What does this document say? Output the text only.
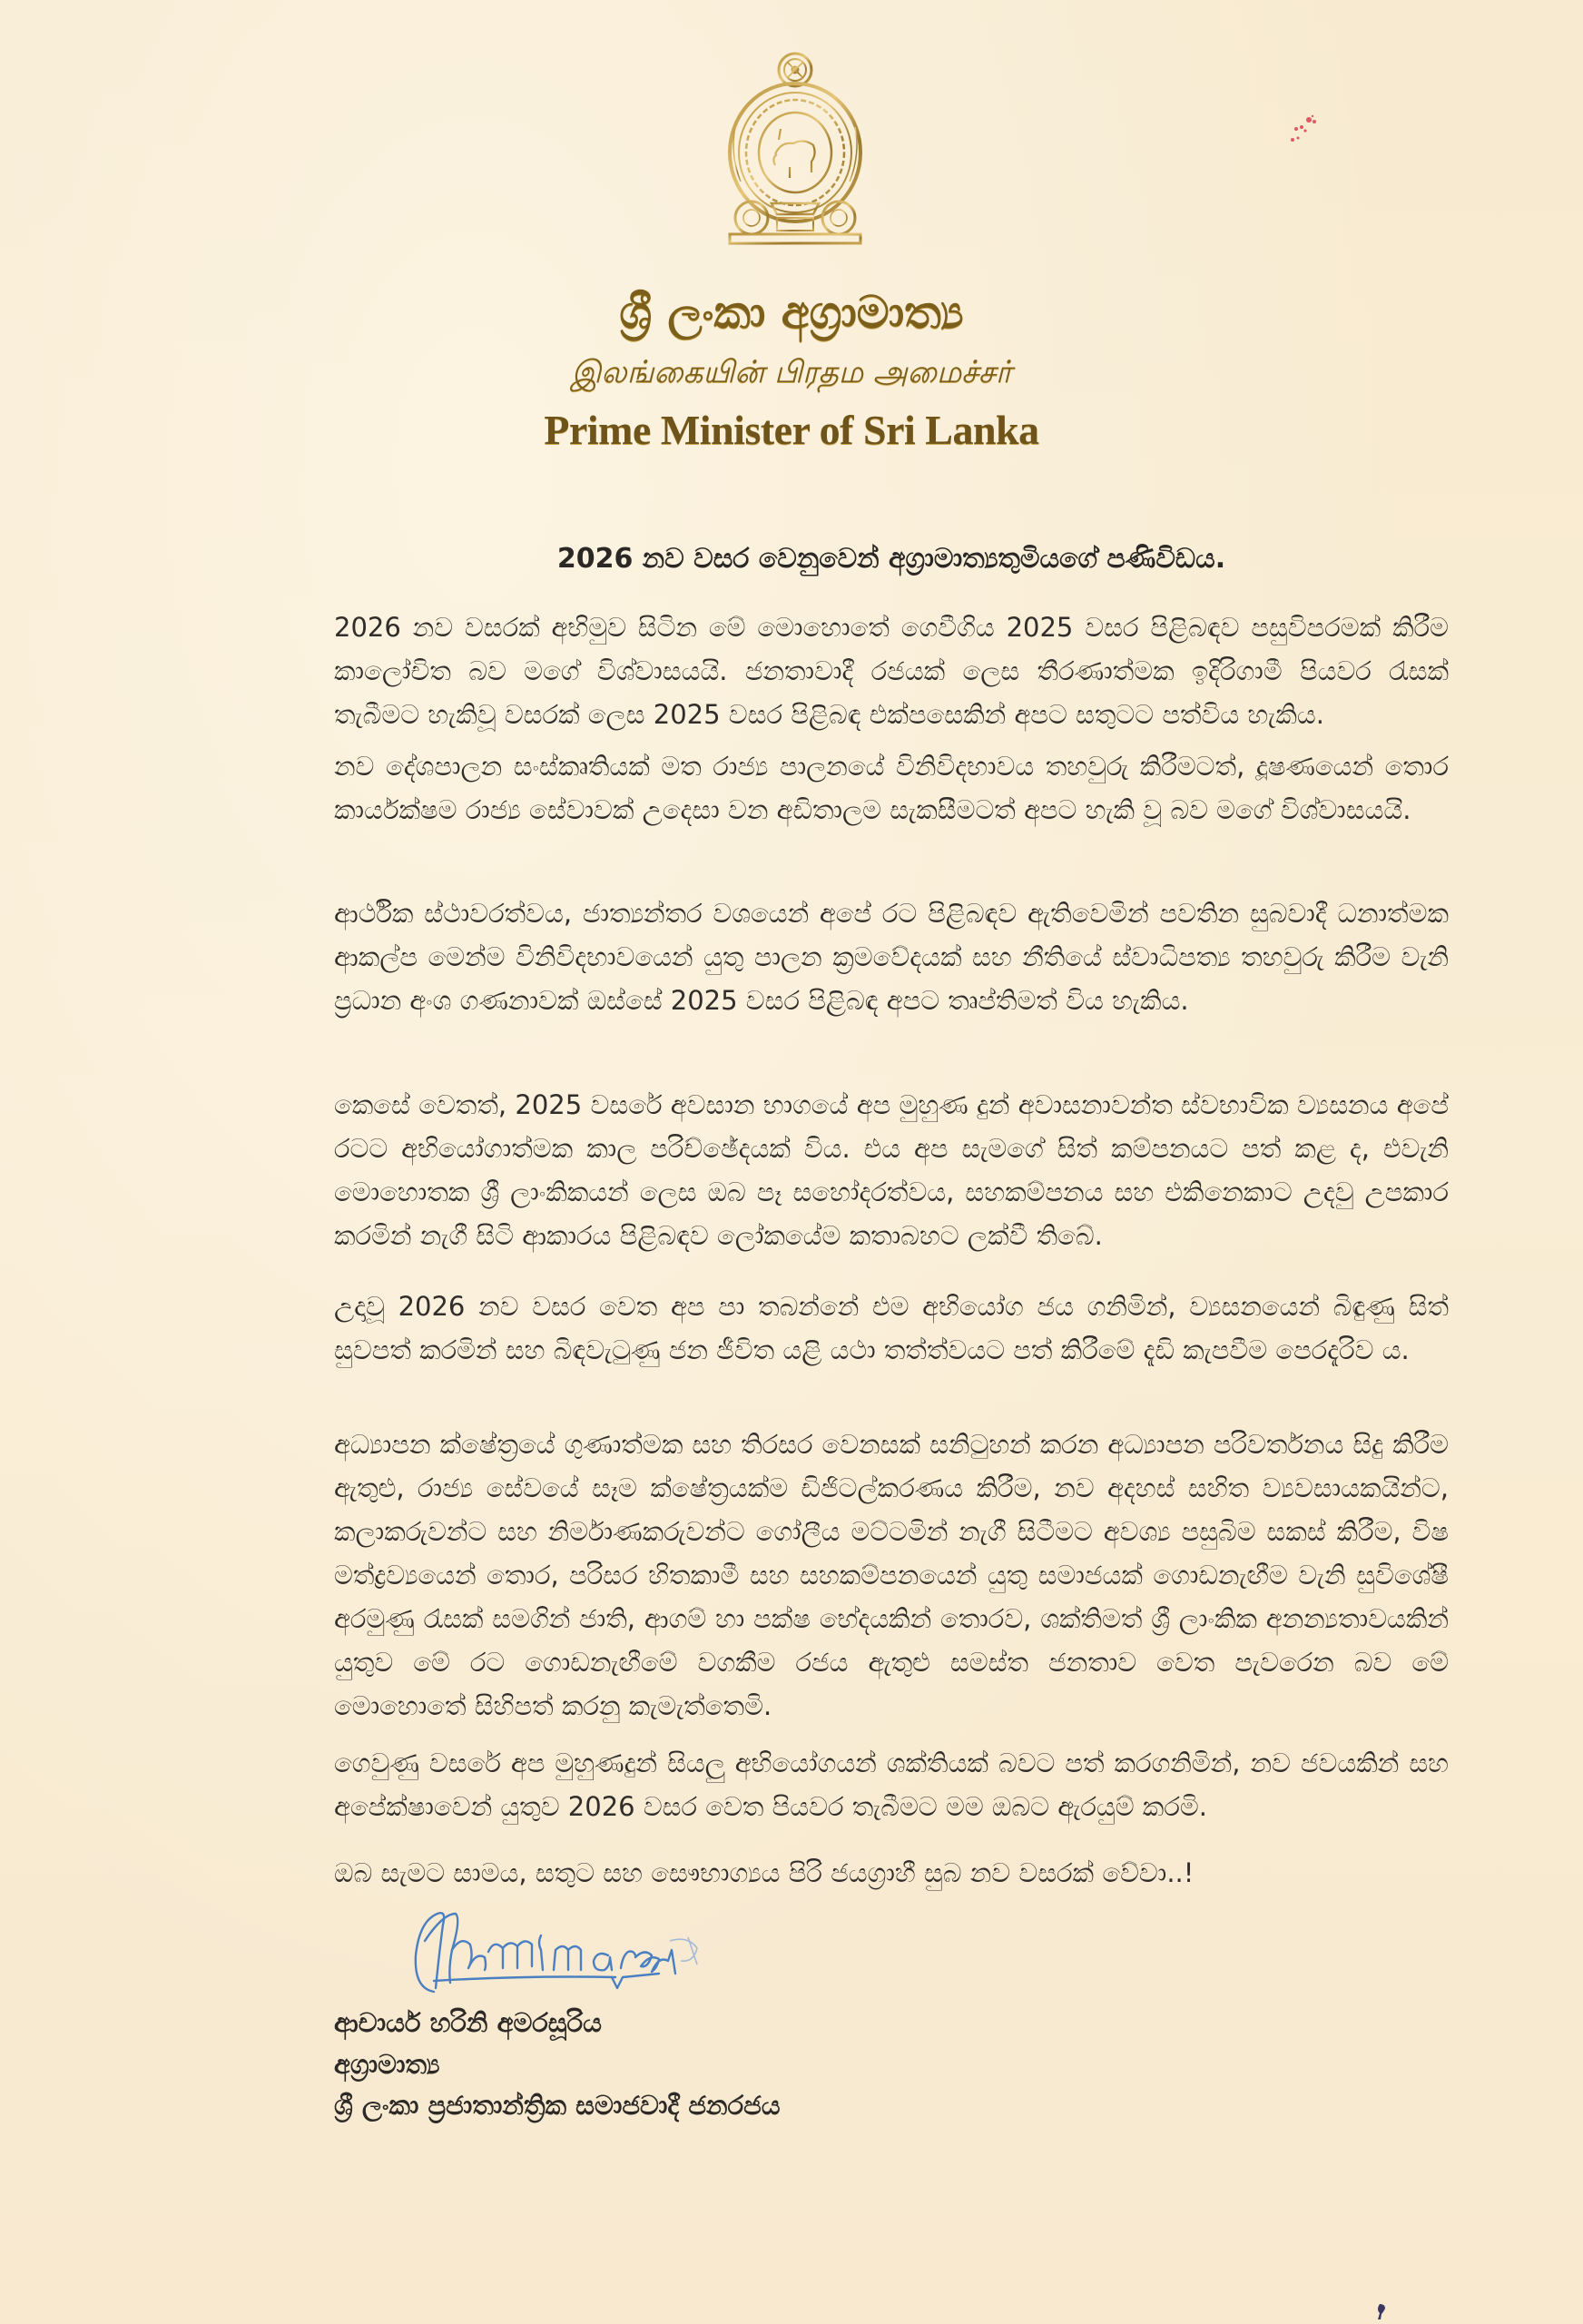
ශ්‍රී ලංකා අග්‍රාමාත්‍ය
இலங்கையின் பிரதம அமைச்சர்
Prime Minister of Sri Lanka
2026 නව වසර වෙනුවෙන් අග්‍රාමාත්‍යතුමියගේ පණිවිඩය.

2026 නව වසරක් අභිමුව සිටින මේ මොහොතේ ගෙවීගිය 2025 වසර පිළිබඳව පසුවිපරමක් කිරීම කාලෝචිත බව මගේ විශ්වාසයයි. ජනතාවාදී රජයක් ලෙස තීරණාත්මක ඉදිරිගාමී පියවර රැසක් තැබීමට හැකිවූ වසරක් ලෙස 2025 වසර පිළිබඳ එක්පසෙකින් අපට සතුටට පත්විය හැකිය.

නව දේශපාලන සංස්කෘතියක් මත රාජ්‍ය පාලනයේ විනිවිදභාවය තහවුරු කිරීමටත්, දූෂණයෙන් තොර කාර්යක්ෂම රාජ්‍ය සේවාවක් උදෙසා වන අඩිතාලම සැකසීමටත් අපට හැකි වූ බව මගේ විශ්වාසයයි.

ආර්ථික ස්ථාවරත්වය, ජාත්‍යන්තර වශයෙන් අපේ රට පිළිබඳව ඇතිවෙමින් පවතින සුබවාදී ධනාත්මක ආකල්ප මෙන්ම විනිවිදභාවයෙන් යුතු පාලන ක්‍රමවේදයක් සහ නීතියේ ස්වාධිපත්‍ය තහවුරු කිරීම වැනි ප්‍රධාන අංශ ගණනාවක් ඔස්සේ 2025 වසර පිළිබඳ අපට තෘප්තිමත් විය හැකිය.

කෙසේ වෙතත්, 2025 වසරේ අවසාන භාගයේ අප මුහුණ දුන් අවාසනාවන්ත ස්වභාවික ව්‍යසනය අපේ රටට අභියෝගාත්මක කාල පරිච්ඡේදයක් විය. එය අප සැමගේ සිත් කම්පනයට පත් කළ ද, එවැනි මොහොතක ශ්‍රී ලාංකිකයන් ලෙස ඔබ පෑ සහෝදරත්වය, සහකම්පනය සහ එකිනෙකාට උදවු උපකාර කරමින් නැගී සිටි ආකාරය පිළිබඳව ලෝකයේම කතාබහට ලක්වී තිබේ.

උදාවූ 2026 නව වසර වෙත අප පා තබන්නේ එම අභියෝග ජය ගනිමින්, ව්‍යසනයෙන් බිඳුණු සිත් සුවපත් කරමින් සහ බිඳවැටුණු ජන ජීවිත යළි යථා තත්ත්වයට පත් කිරීමේ දැඩි කැපවීම පෙරදැරිව ය.

අධ්‍යාපන ක්ෂේත්‍රයේ ගුණාත්මක සහ තිරසර වෙනසක් සනිටුහන් කරන අධ්‍යාපන පරිවර්තනය සිදු කිරීම ඇතුළු, රාජ්‍ය සේවයේ සෑම ක්ෂේත්‍රයක්ම ඩිජිටල්කරණය කිරීම, නව අදහස් සහිත ව්‍යවසායකයින්ට, කලාකරුවන්ට සහ නිර්මාණකරුවන්ට ගෝලීය මට්ටමින් නැගී සිටීමට අවශ්‍ය පසුබිම සකස් කිරීම, විෂ මත්ද්‍රව්‍යයෙන් තොර, පරිසර හිතකාමී සහ සහකම්පනයෙන් යුතු සමාජයක් ගොඩනැඟීම වැනි සුවිශේෂී අරමුණු රැසක් සමගින් ජාති, ආගම් හා පක්ෂ භේදයකින් තොරව, ශක්තිමත් ශ්‍රී ලාංකික අනන්‍යතාවයකින් යුතුව මේ රට ගොඩනැඟීමේ වගකීම රජය ඇතුළු සමස්ත ජනතාව වෙත පැවරෙන බව මේ මොහොතේ සිහිපත් කරනු කැමැත්තෙමි.

ගෙවුණු වසරේ අප මුහුණදුන් සියලු අභියෝගයන් ශක්තියක් බවට පත් කරගනිමින්, නව ජවයකින් සහ අපේක්ෂාවෙන් යුතුව 2026 වසර වෙත පියවර තැබීමට මම ඔබට ඇරයුම් කරමි.

ඔබ සැමට සාමය, සතුට සහ සෞභාග්‍යය පිරි ජයග්‍රාහී සුබ නව වසරක් වේවා..!

ආචාර්ය හරිනි අමරසූරිය
අග්‍රාමාත්‍ය
ශ්‍රී ලංකා ප්‍රජාතාන්ත්‍රික සමාජවාදී ජනරජය
